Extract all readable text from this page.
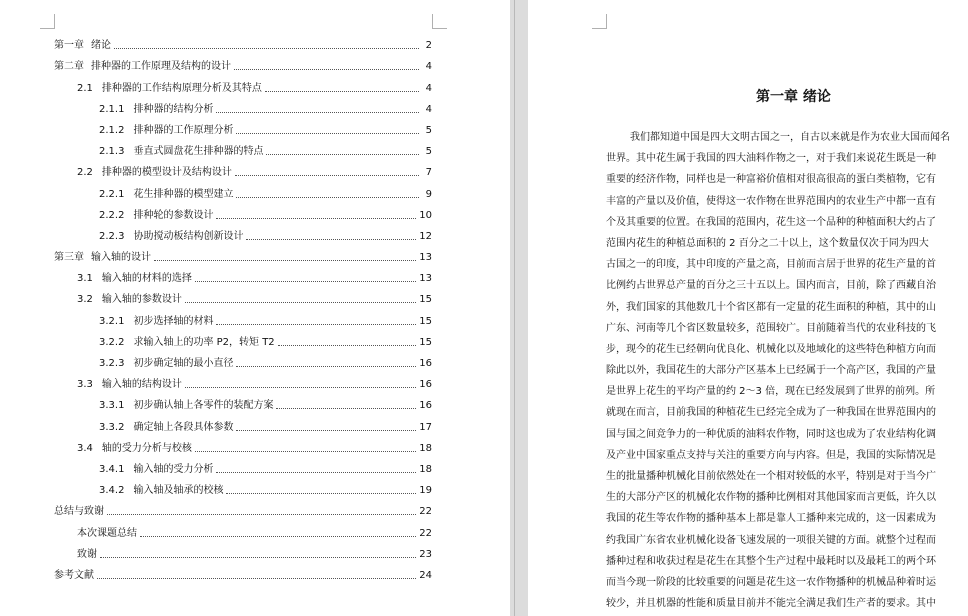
第一章 绪论	2
第二章 排种器的工作原理及结构的设计	4
2.1 排种器的工作结构原理分析及其特点	4
2.1.1 排种器的结构分析	4
2.1.2 排种器的工作原理分析	5
2.1.3 垂直式圆盘花生排种器的特点	5
2.2 排种器的模型设计及结构设计	7
2.2.1 花生排种器的模型建立	9
2.2.2 排种轮的参数设计	10
2.2.3 协助搅动板结构创新设计	12
第三章 输入轴的设计	13
3.1 输入轴的材料的选择	13
3.2 输入轴的参数设计	15
3.2.1 初步选择轴的材料	15
3.2.2 求输入轴上的功率 P2，转矩 T2	15
3.2.3 初步确定轴的最小直径	16
3.3 输入轴的结构设计	16
3.3.1 初步确认轴上各零件的装配方案	16
3.3.2 确定轴上各段具体参数	17
3.4 轴的受力分析与校核	18
3.4.1 输入轴的受力分析	18
3.4.2 输入轴及轴承的校核	19
总结与致谢	22
本次课题总结	22
致谢	23
参考文献	24
第一章 绪论
我们都知道中国是四大文明古国之一，自古以来就是作为农业大国而闻名
世界。其中花生属于我国的四大油料作物之一，对于我们来说花生既是一种
重要的经济作物，同样也是一种富裕价值相对很高很高的蛋白类植物，它有
丰富的产量以及价值，使得这一农作物在世界范围内的农业生产中都一直有
个及其重要的位置。在我国的范围内，花生这一个品种的种植面积大约占了
范围内花生的种植总面积的 2 百分之二十以上，这个数量仅次于同为四大
古国之一的印度，其中印度的产量之高，目前而言居于世界的花生产量的首
比例约占世界总产量的百分之三十五以上。国内而言，目前，除了西藏自治
外，我们国家的其他数几十个省区都有一定量的花生面积的种植，其中的山
广东、河南等几个省区数量较多，范围较广。目前随着当代的农业科技的飞
步，现今的花生已经朝向优良化、机械化以及地域化的这些特色种植方向而
除此以外，我国花生的大部分产区基本上已经属于一个高产区，我国的产量
是世界上花生的平均产量的约 2～3 倍，现在已经发展到了世界的前列。所
就现在而言，目前我国的种植花生已经完全成为了一种我国在世界范围内的
国与国之间竞争力的一种优质的油料农作物，同时这也成为了农业结构化调
及产业中国家重点支持与关注的重要方向与内容。但是，我国的实际情况是
生的批量播种机械化目前依然处在一个相对较低的水平，特别是对于当今广
生的大部分产区的机械化农作物的播种比例相对其他国家而言更低，许久以
我国的花生等农作物的播种基本上都是靠人工播种来完成的，这一因素成为
约我国广东省农业机械化设备飞速发展的一项很关键的方面。就整个过程而
播种过程和收获过程是花生在其整个生产过程中最耗时以及最耗工的两个环
而当今现一阶段的比较重要的问题是花生这一农作物播种的机械品种着时运
较少，并且机器的性能和质量目前并不能完全满足我们生产者的要求。其中
